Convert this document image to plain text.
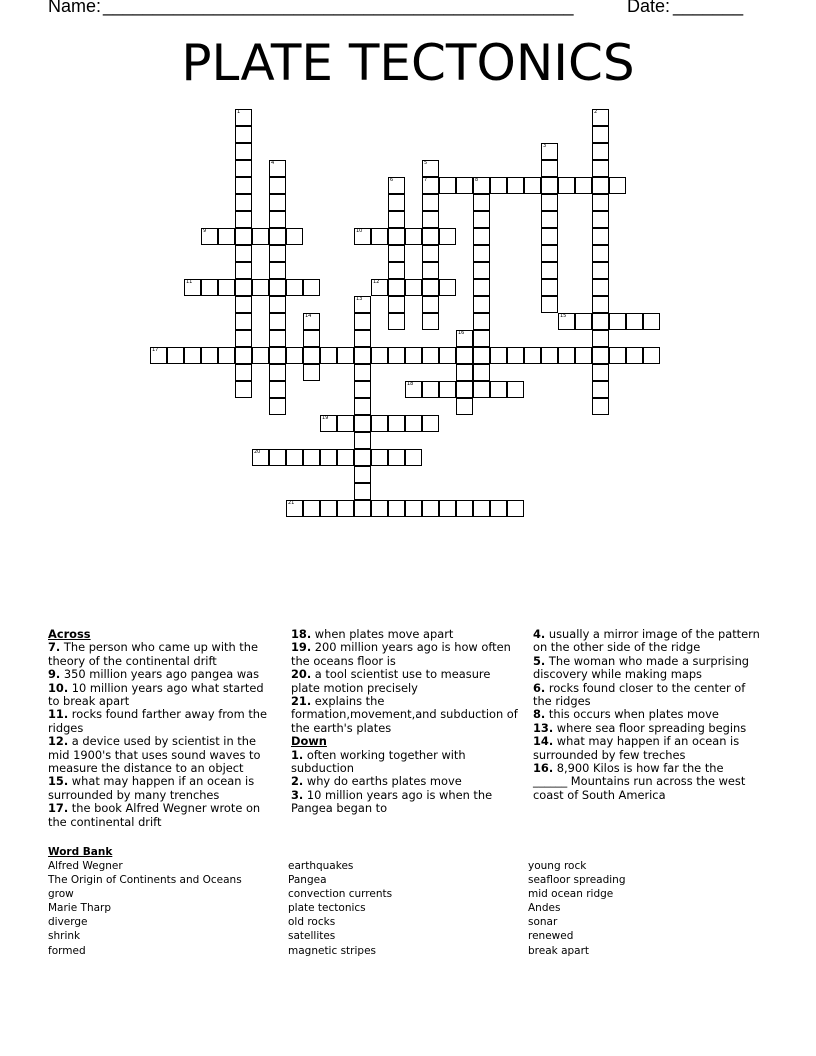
Name: _______________________________________________	Date: _______
PLATE TECTONICS
1	2
3
4	5
7
6	8
9	10
11	12
13
14	15
16
17
18
19
20
21
Across
7. The person who came up with the theory of the continental drift
9. 350 million years ago pangea was
10. 10 million years ago what started to break apart
11. rocks found farther away from the ridges
12. a device used by scientist in the mid 1900's that uses sound waves to measure the distance to an object
15. what may happen if an ocean is surrounded by many trenches
17. the book Alfred Wegner wrote on the continental drift
18. when plates move apart
19. 200 million years ago is how often the oceans floor is
20. a tool scientist use to measure plate motion precisely
21. explains the formation,movement,and subduction of the earth's plates
Down
1. often working together with subduction
2. why do earths plates move
3. 10 million years ago is when the Pangea began to
4. usually a mirror image of the pattern on the other side of the ridge
5. The woman who made a surprising discovery while making maps
6. rocks found closer to the center of the ridges
8. this occurs when plates move
13. where sea floor spreading begins
14. what may happen if an ocean is surrounded by few treches
16. 8,900 Kilos is how far the the ______ Mountains run across the west coast of South America
Word Bank
Alfred Wegner
The Origin of Continents and Oceans
grow
Marie Tharp
diverge
shrink
formed
earthquakes
Pangea
convection currents
plate tectonics
old rocks
satellites
magnetic stripes
young rock
seafloor spreading
mid ocean ridge
Andes
sonar
renewed
break apart
